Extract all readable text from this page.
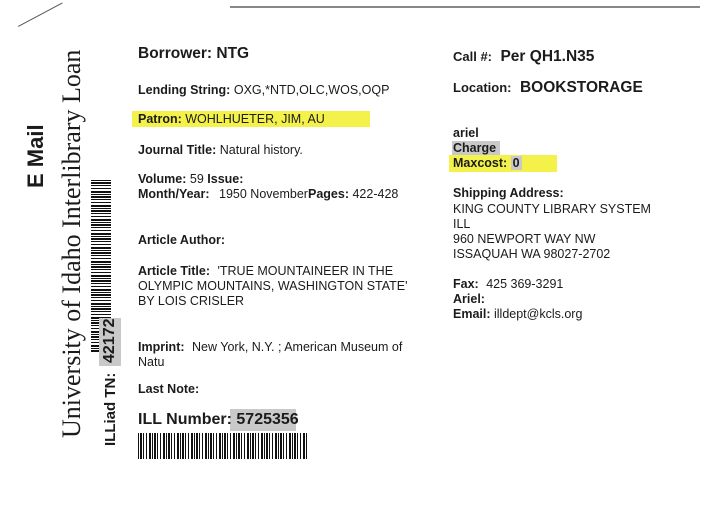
E Mail University of Idaho Interlibrary Loan ILLiad TN:
42172
Borrower: NTG
Lending String: OXG,*NTD,OLC,WOS,OQP
Patron: WOHLHUETER, JIM, AU
Journal Title: Natural history.
Volume: 59 Issue:
Month/Year: 1950 NovemberPages: 422-428
Article Author:
Article Title: 'TRUE MOUNTAINEER IN THE
OLYMPIC MOUNTAINS, WASHINGTON STATE'
BY LOIS CRISLER
Imprint: New York, N.Y. ; American Museum of
Natu
Last Note:
ILL Number: 5725356
Call #: Per QH1.N35
Location: BOOKSTORAGE
ariel
Charge
Maxcost: 0
Shipping Address:
KING COUNTY LIBRARY SYSTEM
ILL
960 NEWPORT WAY NW
ISSAQUAH WA 98027-2702
Fax: 425 369-3291
Ariel:
Email: illdept@kcls.org
